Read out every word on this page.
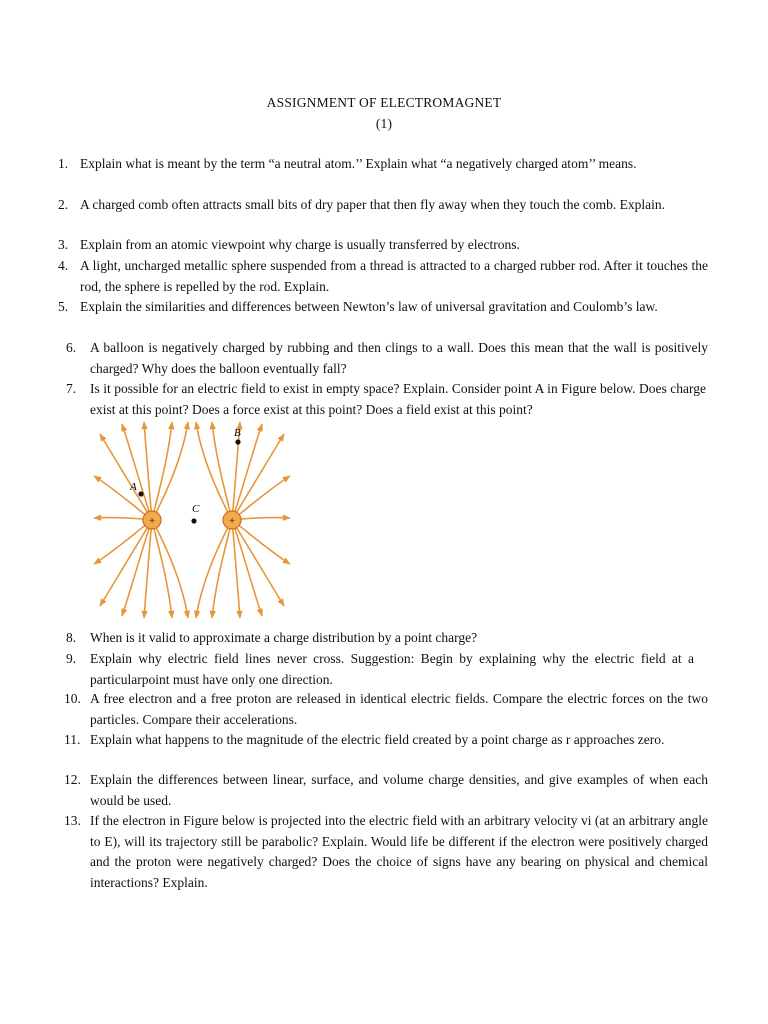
ASSIGNMENT OF ELECTROMAGNET
(1)
1. Explain what is meant by the term “a neutral atom.’’ Explain what “a negatively charged atom’’ means.
2. A charged comb often attracts small bits of dry paper that then fly away when they touch the comb. Explain.
3. Explain from an atomic viewpoint why charge is usually transferred by electrons.
4. A light, uncharged metallic sphere suspended from a thread is attracted to a charged rubber rod. After it touches the rod, the sphere is repelled by the rod. Explain.
5. Explain the similarities and differences between Newton’s law of universal gravitation and Coulomb’s law.
6. A balloon is negatively charged by rubbing and then clings to a wall. Does this mean that the wall is positively charged? Why does the balloon eventually fall?
7. Is it possible for an electric field to exist in empty space? Explain. Consider point A in Figure below. Does charge exist at this point? Does a force exist at this point? Does a field exist at this point?
8. When is it valid to approximate a charge distribution by a point charge?
9. Explain why electric field lines never cross. Suggestion: Begin by explaining why the electric field at a particularpoint must have only one direction.
10. A free electron and a free proton are released in identical electric fields. Compare the electric forces on the two particles. Compare their accelerations.
11. Explain what happens to the magnitude of the electric field created by a point charge as r approaches zero.
12. Explain the differences between linear, surface, and volume charge densities, and give examples of when each would be used.
13. If the electron in Figure below is projected into the electric field with an arbitrary velocity vi (at an arbitrary angle to E), will its trajectory still be parabolic? Explain. Would life be different if the electron were positively charged and the proton were negatively charged? Does the choice of signs have any bearing on physical and chemical interactions? Explain.
+	+
A
B
C
